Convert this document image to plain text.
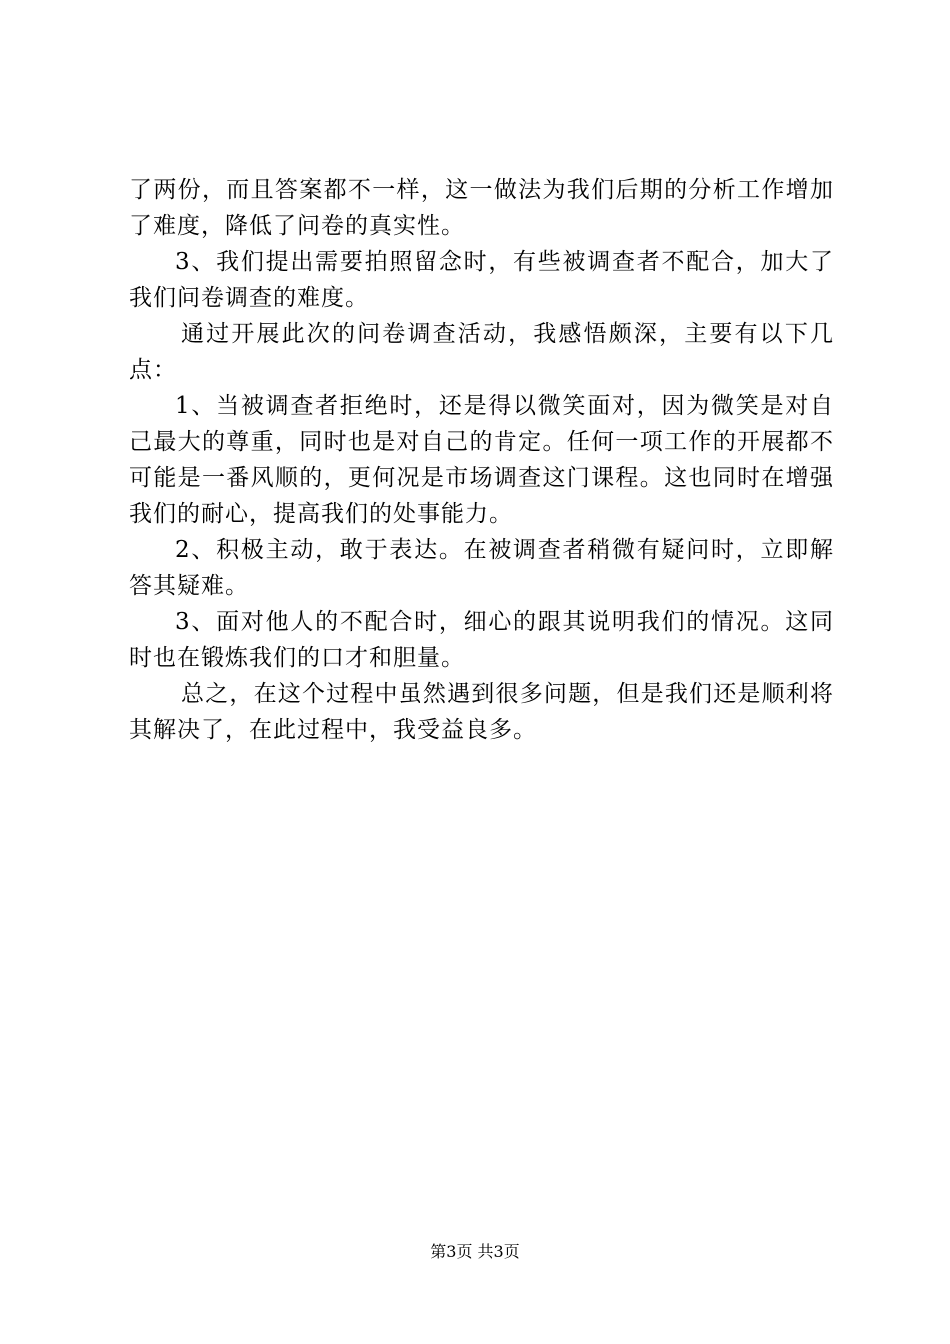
了两份，而且答案都不一样，这一做法为我们后期的分析工作增加了难度，降低了问卷的真实性。

3、我们提出需要拍照留念时，有些被调查者不配合，加大了我们问卷调查的难度。

通过开展此次的问卷调查活动，我感悟颇深，主要有以下几点：

1、当被调查者拒绝时，还是得以微笑面对，因为微笑是对自己最大的尊重，同时也是对自己的肯定。任何一项工作的开展都不可能是一番风顺的，更何况是市场调查这门课程。这也同时在增强我们的耐心，提高我们的处事能力。

2、积极主动，敢于表达。在被调查者稍微有疑问时，立即解答其疑难。

3、面对他人的不配合时，细心的跟其说明我们的情况。这同时也在锻炼我们的口才和胆量。

总之，在这个过程中虽然遇到很多问题，但是我们还是顺利将其解决了，在此过程中，我受益良多。

第3页 共3页
